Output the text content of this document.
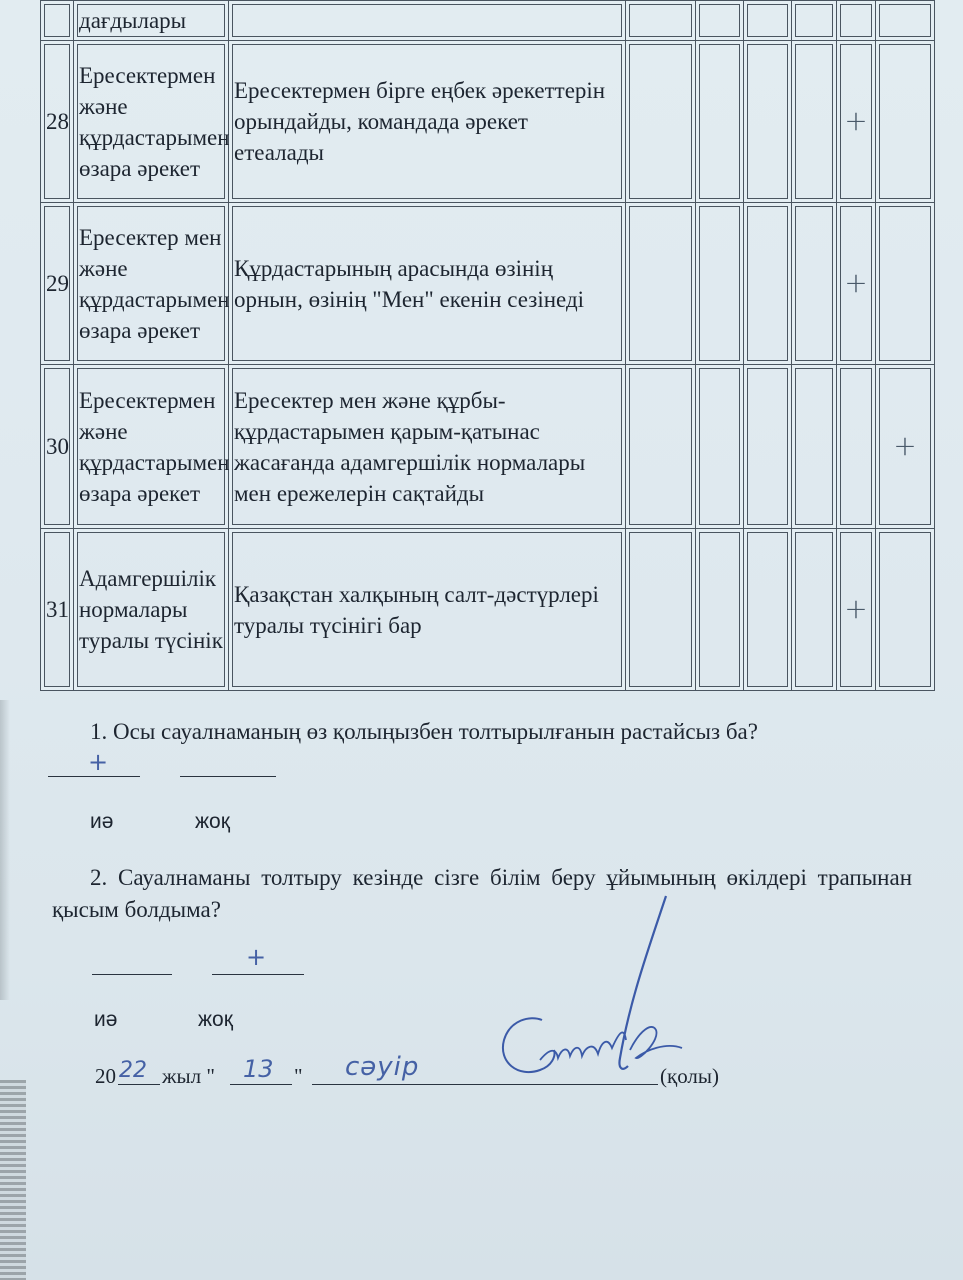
	дағдылары							
28	Ересектермен және құрдастарымен өзара әрекет	Ересектермен бірге еңбек әрекеттерін орындайды, командада әрекет етеалады					+	
29	Ересектер мен және құрдастарымен өзара әрекет	Құрдастарының арасында өзінің орнын, өзінің "Мен" екенін сезінеді					+	
30	Ересектермен және құрдастарымен өзара әрекет	Ересектер мен және құрбы-құрдастарымен қарым-қатынас жасағанда адамгершілік нормалары мен ережелерін сақтайды						+
31	Адамгершілік нормалары туралы түсінік	Қазақстан халқының салт-дәстүрлері туралы түсінігі бар					+	
1. Осы сауалнаманың өз қолыңызбен толтырылғанын растайсыз ба?
+
иә	жоқ
2. Сауалнаманы толтыру кезінде сізге білім беру ұйымының өкілдері трапынан қысым болдыма?
+
иә	жоқ
20 22 жыл " 13 " сәуір	(қолы)
